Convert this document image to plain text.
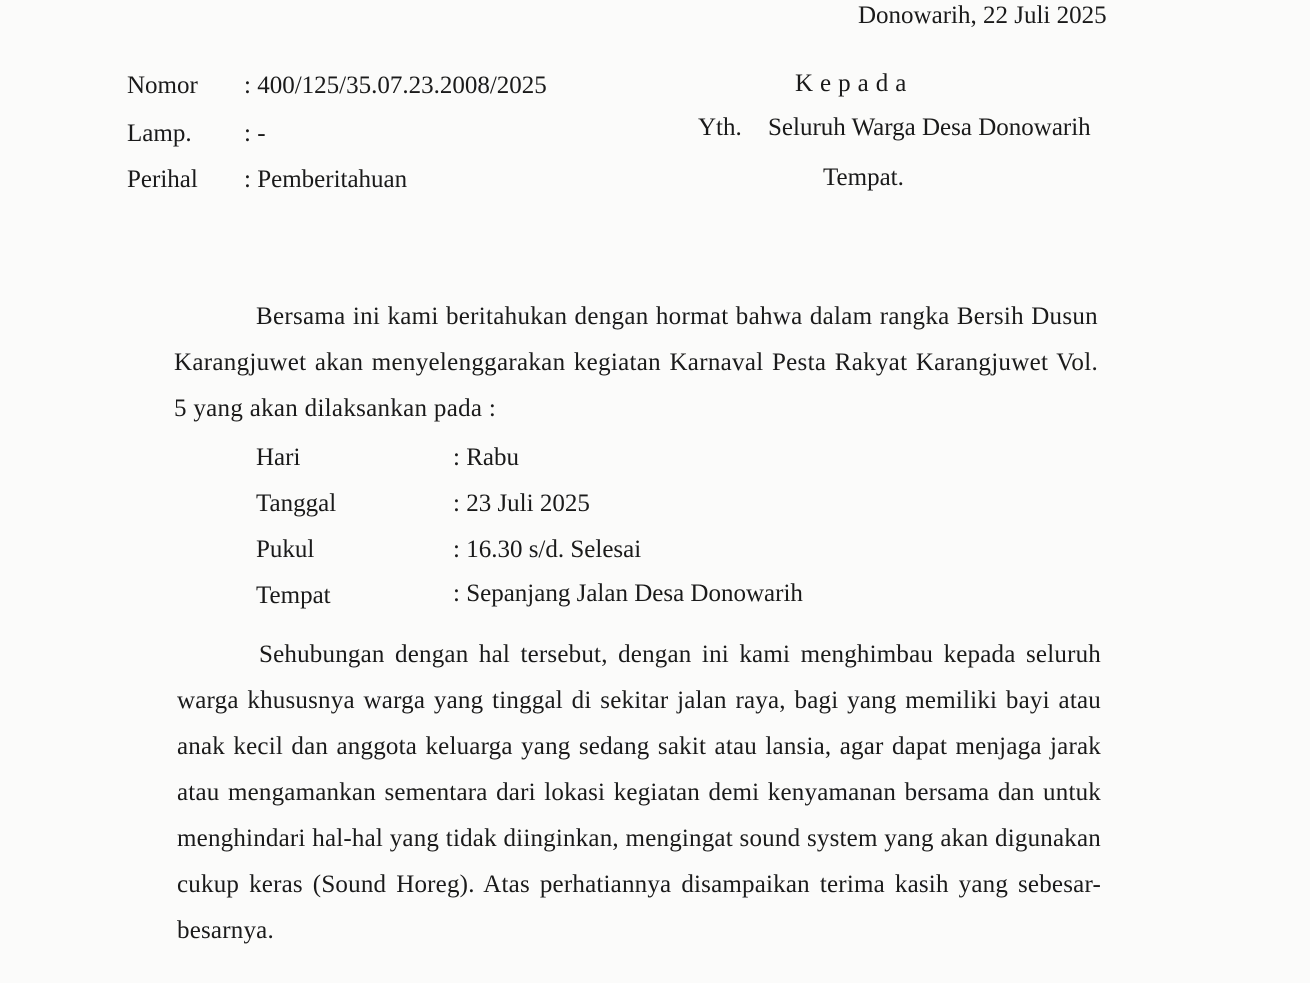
Donowarih, 22 Juli 2025
Nomor : 400/125/35.07.23.2008/2025
Lamp. : -
Perihal : Pemberitahuan
Kepada
Yth. Seluruh Warga Desa Donowarih
Tempat.
Bersama ini kami beritahukan dengan hormat bahwa dalam rangka Bersih Dusun Karangjuwet akan menyelenggarakan kegiatan Karnaval Pesta Rakyat Karangjuwet Vol. 5 yang akan dilaksankan pada :
Hari	: Rabu
Tanggal	: 23 Juli 2025
Pukul	: 16.30 s/d. Selesai
Tempat	: Sepanjang Jalan Desa Donowarih
Sehubungan dengan hal tersebut, dengan ini kami menghimbau kepada seluruh warga khususnya warga yang tinggal di sekitar jalan raya, bagi yang memiliki bayi atau anak kecil dan anggota keluarga yang sedang sakit atau lansia, agar dapat menjaga jarak atau mengamankan sementara dari lokasi kegiatan demi kenyamanan bersama dan untuk menghindari hal-hal yang tidak diinginkan, mengingat sound system yang akan digunakan cukup keras (Sound Horeg). Atas perhatiannya disampaikan terima kasih yang sebesar-besarnya.
